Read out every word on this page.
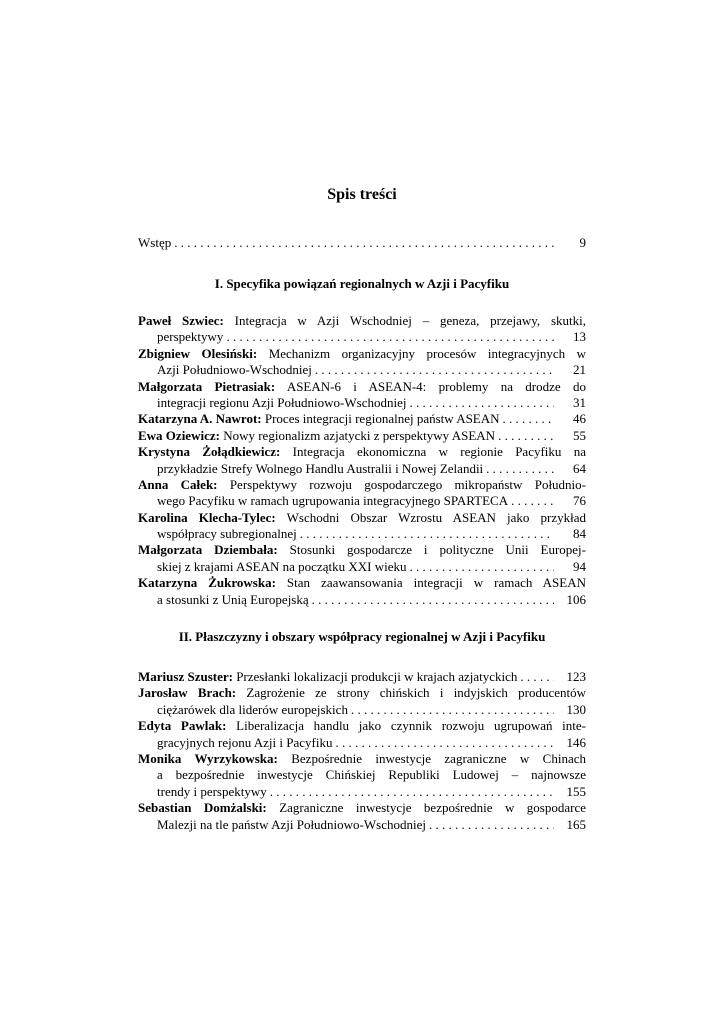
Spis treści
Wstęp . . .	9
I. Specyfika powiązań regionalnych w Azji i Pacyfiku
Paweł Szwiec: Integracja w Azji Wschodniej – geneza, przejawy, skutki,
perspektywy . . .	13
Zbigniew Olesiński: Mechanizm organizacyjny procesów integracyjnych w
Azji Południowo-Wschodniej . . .	21
Małgorzata Pietrasiak: ASEAN-6 i ASEAN-4: problemy na drodze do
integracji regionu Azji Południowo-Wschodniej . . .	31
Katarzyna A. Nawrot: Proces integracji regionalnej państw ASEAN . . .	46
Ewa Oziewicz: Nowy regionalizm azjatycki z perspektywy ASEAN . . .	55
Krystyna Żołądkiewicz: Integracja ekonomiczna w regionie Pacyfiku na
przykładzie Strefy Wolnego Handlu Australii i Nowej Zelandii . . .	64
Anna Całek: Perspektywy rozwoju gospodarczego mikropaństw Południo-
wego Pacyfiku w ramach ugrupowania integracyjnego SPARTECA . . .	76
Karolina Klecha-Tylec: Wschodni Obszar Wzrostu ASEAN jako przykład
współpracy subregionalnej . . .	84
Małgorzata Dziembała: Stosunki gospodarcze i polityczne Unii Europej-
skiej z krajami ASEAN na początku XXI wieku . . .	94
Katarzyna Żukrowska: Stan zaawansowania integracji w ramach ASEAN
a stosunki z Unią Europejską . . .	106
II. Płaszczyzny i obszary współpracy regionalnej w Azji i Pacyfiku
Mariusz Szuster: Przesłanki lokalizacji produkcji w krajach azjatyckich . . .	123
Jarosław Brach: Zagrożenie ze strony chińskich i indyjskich producentów
ciężarówek dla liderów europejskich . . .	130
Edyta Pawlak: Liberalizacja handlu jako czynnik rozwoju ugrupowań inte-
gracyjnych rejonu Azji i Pacyfiku . . .	146
Monika Wyrzykowska: Bezpośrednie inwestycje zagraniczne w Chinach
a bezpośrednie inwestycje Chińskiej Republiki Ludowej – najnowsze
trendy i perspektywy . . .	155
Sebastian Domżalski: Zagraniczne inwestycje bezpośrednie w gospodarce
Malezji na tle państw Azji Południowo-Wschodniej . . .	165
